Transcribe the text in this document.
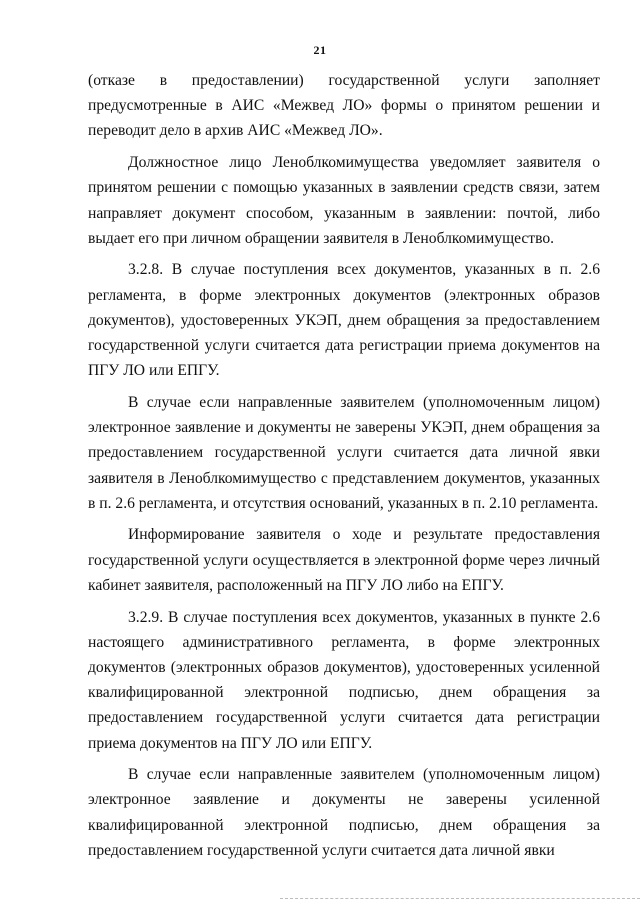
21

(отказе в предоставлении) государственной услуги заполняет предусмотренные в АИС «Межвед ЛО» формы о принятом решении и переводит дело в архив АИС «Межвед ЛО».

Должностное лицо Леноблкомимущества уведомляет заявителя о принятом решении с помощью указанных в заявлении средств связи, затем направляет документ способом, указанным в заявлении: почтой, либо выдает его при личном обращении заявителя в Леноблкомимущество.

3.2.8. В случае поступления всех документов, указанных в п. 2.6 регламента, в форме электронных документов (электронных образов документов), удостоверенных УКЭП, днем обращения за предоставлением государственной услуги считается дата регистрации приема документов на ПГУ ЛО или ЕПГУ.

В случае если направленные заявителем (уполномоченным лицом) электронное заявление и документы не заверены УКЭП, днем обращения за предоставлением государственной услуги считается дата личной явки заявителя в Леноблкомимущество с представлением документов, указанных в п. 2.6 регламента, и отсутствия оснований, указанных в п. 2.10 регламента.

Информирование заявителя о ходе и результате предоставления государственной услуги осуществляется в электронной форме через личный кабинет заявителя, расположенный на ПГУ ЛО либо на ЕПГУ.

3.2.9. В случае поступления всех документов, указанных в пункте 2.6 настоящего административного регламента, в форме электронных документов (электронных образов документов), удостоверенных усиленной квалифицированной электронной подписью, днем обращения за предоставлением государственной услуги считается дата регистрации приема документов на ПГУ ЛО или ЕПГУ.

В случае если направленные заявителем (уполномоченным лицом) электронное заявление и документы не заверены усиленной квалифицированной электронной подписью, днем обращения за предоставлением государственной услуги считается дата личной явки
